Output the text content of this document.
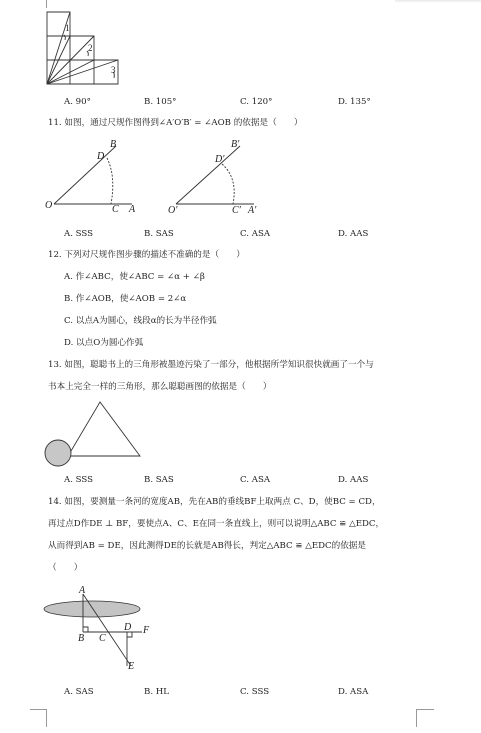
1
2
3
A. 90°	B. 105°	C. 120°	D. 135°
11. 如图，通过尺规作图得到∠A′O′B′ = ∠AOB 的依据是（　　）
B
D
O	C A
B′
D′
O′	C′ A′
A. SSS	B. SAS	C. ASA	D. AAS
12. 下列对尺规作图步骤的描述不准确的是（　　）
A. 作∠ABC，使∠ABC = ∠α + ∠β
B. 作∠AOB，使∠AOB = 2∠α
C. 以点A为圆心，线段α的长为半径作弧
D. 以点O为圆心作弧
13. 如图，聪聪书上的三角形被墨迹污染了一部分，他根据所学知识很快就画了一个与
书本上完全一样的三角形，那么聪聪画图的依据是（　　）
A. SSS	B. SAS	C. ASA	D. AAS
14. 如图，要测量一条河的宽度AB，先在AB的垂线BF上取两点 C、D，使BC = CD，
再过点D作DE ⊥ BF，要使点A、C、E在同一条直线上，则可以说明△ABC ≌ △EDC，
从而得到AB = DE，因此测得DE的长就是AB得长，判定△ABC ≌ △EDC的依据是
（　　）
A
B C
D F
E
A. SAS	B. HL	C. SSS	D. ASA
